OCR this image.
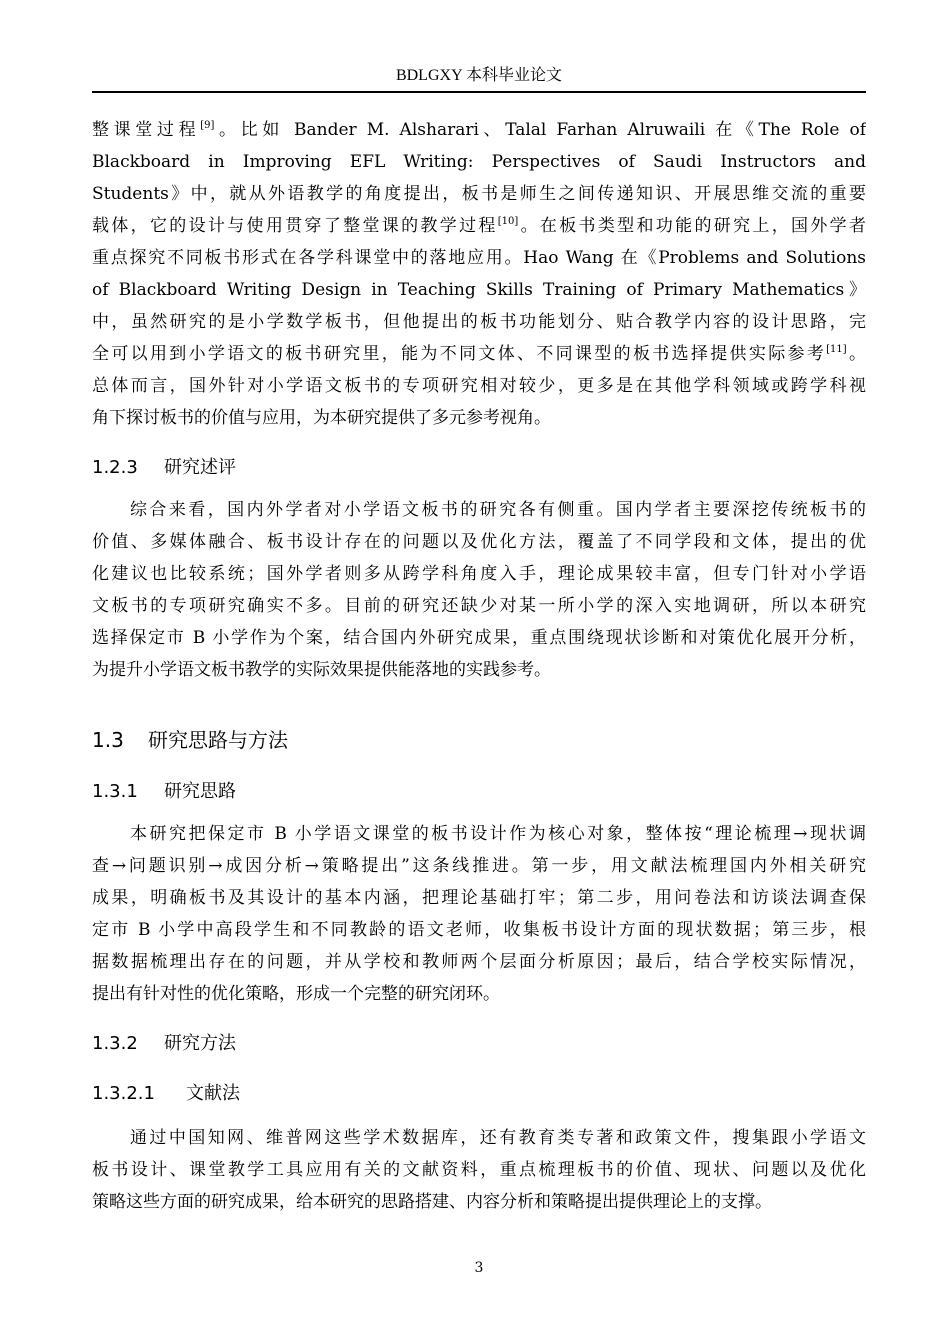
BDLGXY 本科毕业论文
整课堂过程[9]。比如 Bander M. Alsharari、Talal Farhan Alruwaili 在《The Role of
Blackboard in Improving EFL Writing: Perspectives of Saudi Instructors and
Students》中，就从外语教学的角度提出，板书是师生之间传递知识、开展思维交流的重要
载体，它的设计与使用贯穿了整堂课的教学过程[10]。在板书类型和功能的研究上，国外学者
重点探究不同板书形式在各学科课堂中的落地应用。Hao Wang 在《Problems and Solutions
of Blackboard Writing Design in Teaching Skills Training of Primary Mathematics》
中，虽然研究的是小学数学板书，但他提出的板书功能划分、贴合教学内容的设计思路，完
全可以用到小学语文的板书研究里，能为不同文体、不同课型的板书选择提供实际参考[11]。
总体而言，国外针对小学语文板书的专项研究相对较少，更多是在其他学科领域或跨学科视
角下探讨板书的价值与应用，为本研究提供了多元参考视角。
1.2.3 研究述评
综合来看，国内外学者对小学语文板书的研究各有侧重。国内学者主要深挖传统板书的
价值、多媒体融合、板书设计存在的问题以及优化方法，覆盖了不同学段和文体，提出的优
化建议也比较系统；国外学者则多从跨学科角度入手，理论成果较丰富，但专门针对小学语
文板书的专项研究确实不多。目前的研究还缺少对某一所小学的深入实地调研，所以本研究
选择保定市 B 小学作为个案，结合国内外研究成果，重点围绕现状诊断和对策优化展开分析，
为提升小学语文板书教学的实际效果提供能落地的实践参考。
1.3 研究思路与方法
1.3.1 研究思路
本研究把保定市 B 小学语文课堂的板书设计作为核心对象，整体按“理论梳理→现状调
查→问题识别→成因分析→策略提出”这条线推进。第一步，用文献法梳理国内外相关研究
成果，明确板书及其设计的基本内涵，把理论基础打牢；第二步，用问卷法和访谈法调查保
定市 B 小学中高段学生和不同教龄的语文老师，收集板书设计方面的现状数据；第三步，根
据数据梳理出存在的问题，并从学校和教师两个层面分析原因；最后，结合学校实际情况，
提出有针对性的优化策略，形成一个完整的研究闭环。
1.3.2 研究方法
1.3.2.1 文献法
通过中国知网、维普网这些学术数据库，还有教育类专著和政策文件，搜集跟小学语文
板书设计、课堂教学工具应用有关的文献资料，重点梳理板书的价值、现状、问题以及优化
策略这些方面的研究成果，给本研究的思路搭建、内容分析和策略提出提供理论上的支撑。
3
